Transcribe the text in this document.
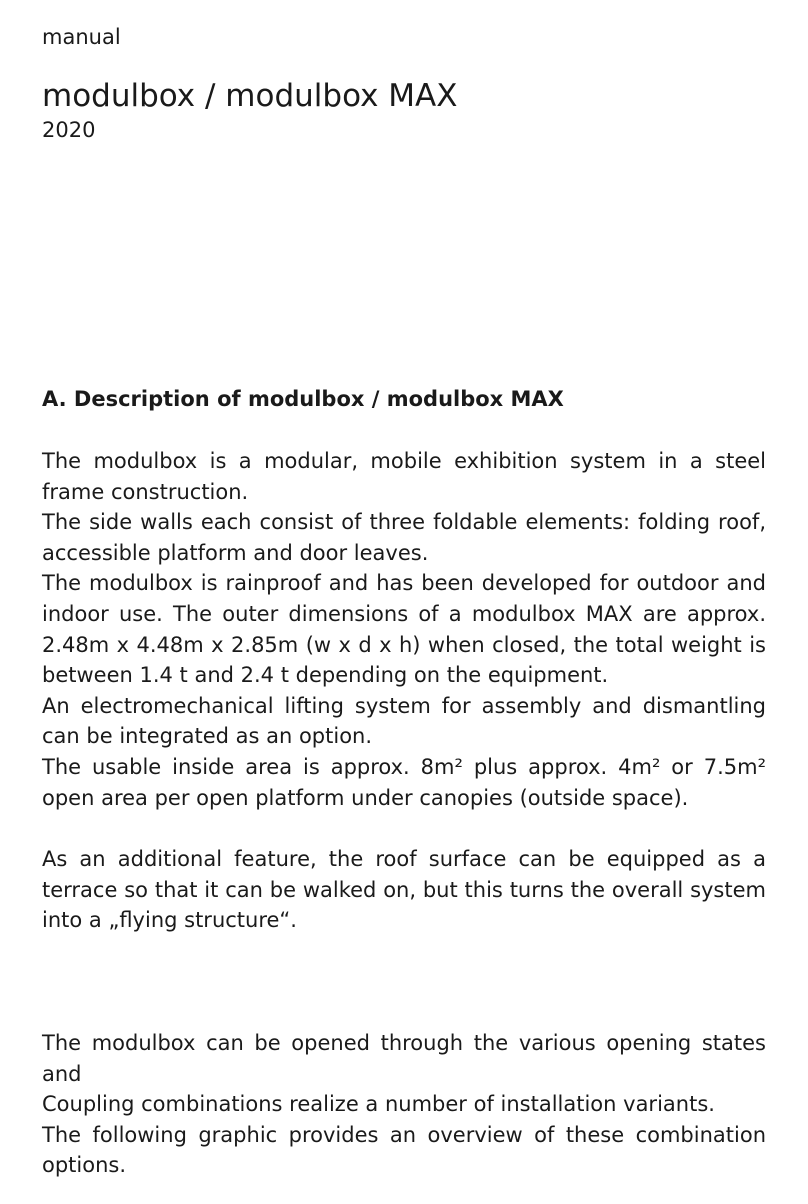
manual

modulbox / modulbox MAX

2020

A. Description of modulbox / modulbox MAX
The modulbox is a modular, mobile exhibition system in a steel
frame construction.
The side walls each consist of three foldable elements: folding roof,
accessible platform and door leaves.
The modulbox is rainproof and has been developed for outdoor and
indoor use. The outer dimensions of a modulbox MAX are approx.
2.48m x 4.48m x 2.85m (w x d x h) when closed, the total weight is
between 1.4 t and 2.4 t depending on the equipment.
An electromechanical lifting system for assembly and dismantling
can be integrated as an option.
The usable inside area is approx. 8m² plus approx. 4m² or 7.5m²
open area per open platform under canopies (outside space).
As an additional feature, the roof surface can be equipped as a
terrace so that it can be walked on, but this turns the overall system
into a „flying structure“.
The modulbox can be opened through the various opening states
and
Coupling combinations realize a number of installation variants.
The following graphic provides an overview of these combination
options.
